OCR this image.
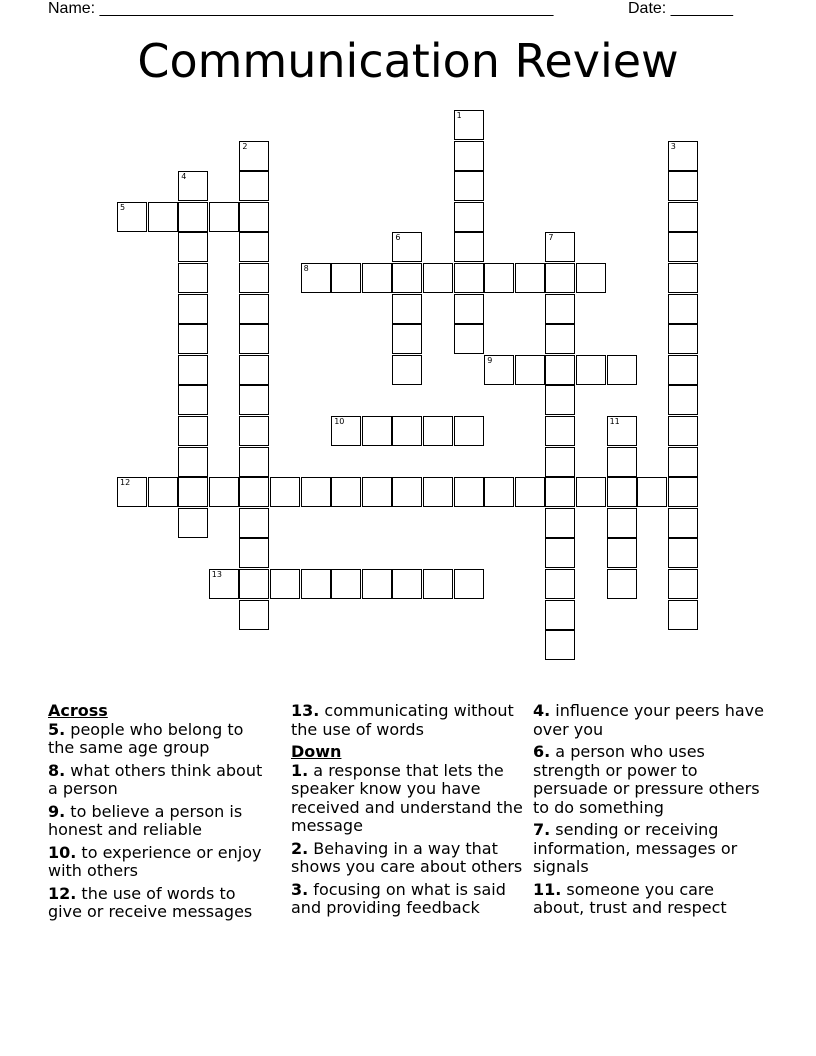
Name: ___________________________________________________	Date: _______
Communication Review
1
2	3
4
5
6	7
8
9
10	11
12
13
Across
5. people who belong to the same age group
8. what others think about a person
9. to believe a person is honest and reliable
10. to experience or enjoy with others
12. the use of words to give or receive messages
13. communicating without the use of words
Down
1. a response that lets the speaker know you have received and understand the message
2. Behaving in a way that shows you care about others
3. focusing on what is said and providing feedback
4. influence your peers have over you
6. a person who uses strength or power to persuade or pressure others to do something
7. sending or receiving information, messages or signals
11. someone you care about, trust and respect
